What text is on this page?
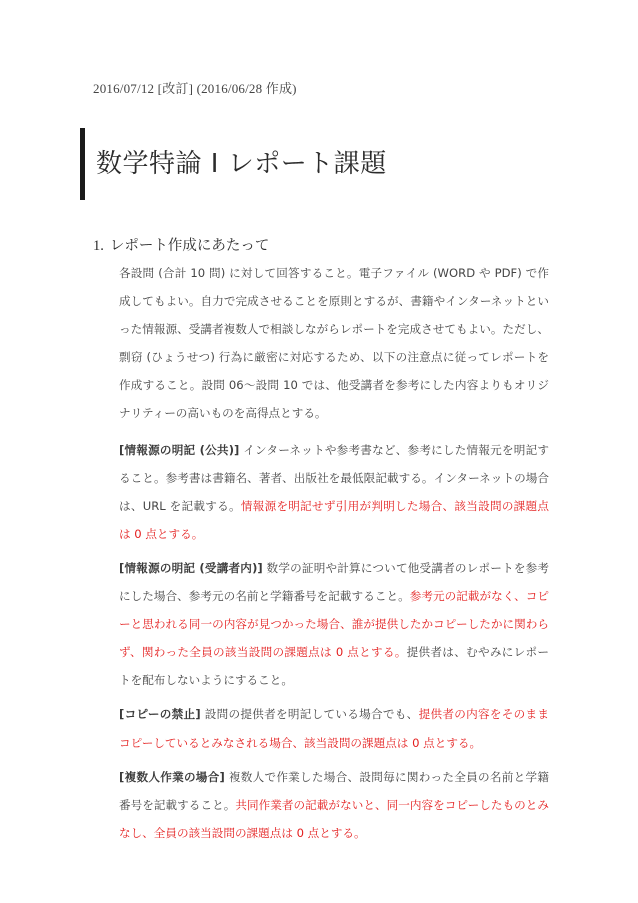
2016/07/12 [改訂] (2016/06/28 作成)
数学特論 I レポート課題
1. レポート作成にあたって

各設問 (合計 10 問) に対して回答すること。電子ファイル (WORD や PDF) で作成してもよい。自力で完成させることを原則とするが、書籍やインターネットといった情報源、受講者複数人で相談しながらレポートを完成させてもよい。ただし、剽窃 (ひょうせつ) 行為に厳密に対応するため、以下の注意点に従ってレポートを作成すること。設問 06〜設問 10 では、他受講者を参考にした内容よりもオリジナリティーの高いものを高得点とする。

[情報源の明記 (公共)] インターネットや参考書など、参考にした情報元を明記すること。参考書は書籍名、著者、出版社を最低限記載する。インターネットの場合は、URL を記載する。情報源を明記せず引用が判明した場合、該当設問の課題点は 0 点とする。

[情報源の明記 (受講者内)] 数学の証明や計算について他受講者のレポートを参考にした場合、参考元の名前と学籍番号を記載すること。参考元の記載がなく、コピーと思われる同一の内容が見つかった場合、誰が提供したかコピーしたかに関わらず、関わった全員の該当設問の課題点は 0 点とする。提供者は、むやみにレポートを配布しないようにすること。

[コピーの禁止] 設問の提供者を明記している場合でも、提供者の内容をそのままコピーしているとみなされる場合、該当設問の課題点は 0 点とする。

[複数人作業の場合] 複数人で作業した場合、設問毎に関わった全員の名前と学籍番号を記載すること。共同作業者の記載がないと、同一内容をコピーしたものとみなし、全員の該当設問の課題点は 0 点とする。
